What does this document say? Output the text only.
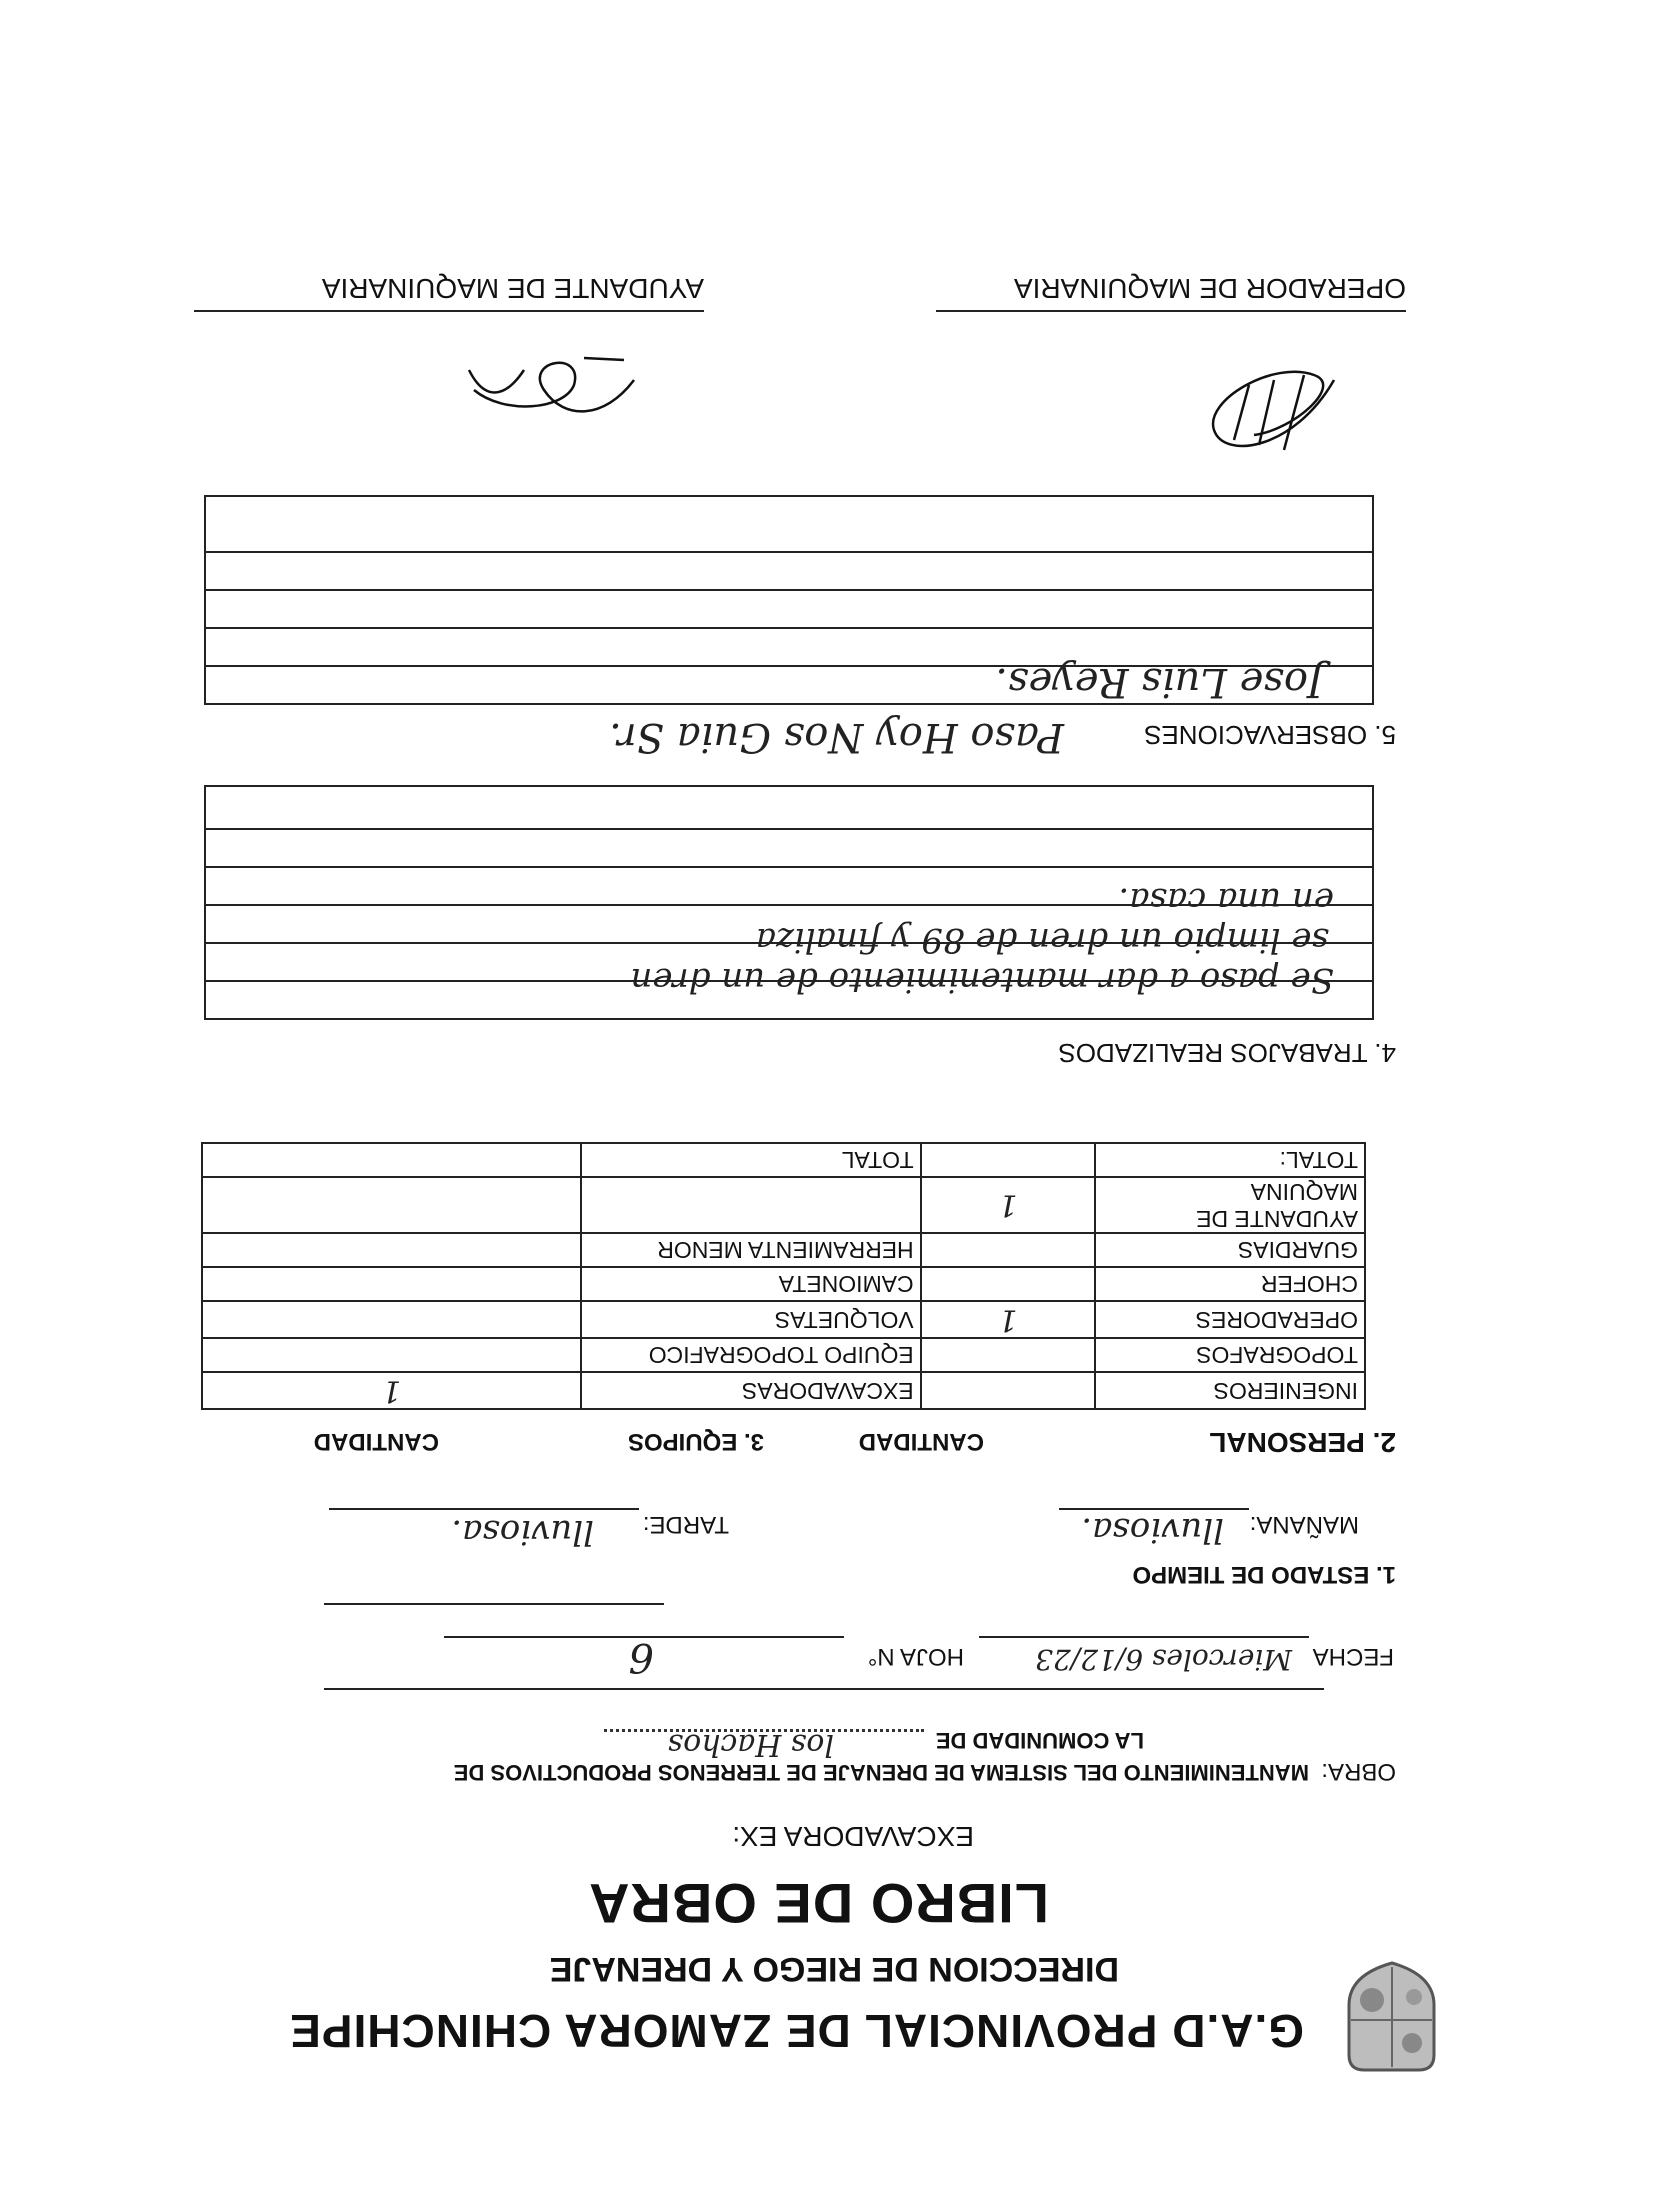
G.A.D PROVINCIAL DE ZAMORA CHINCHIPE
DIRECCION DE RIEGO Y DRENAJE
LIBRO DE OBRA
EXCAVADORA EX:
OBRA:
MANTENIMIENTO DEL SISTEMA DE DRENAJE DE TERRENOS PRODUCTIVOS DE
LA COMUNIDAD DE
los Hachos
FECHA
Miercoles 6/12/23
HOJA N°
6
1. ESTADO DE TIEMPO
MAÑANA:
lluviosa.
TARDE:
lluviosa.
2. PERSONAL
CANTIDAD
3. EQUIPOS
CANTIDAD
INGENIEROS		EXCAVADORAS	1
TOPOGRAFOS		EQUIPO TOPOGRAFICO	
OPERADORES	1	VOLQUETAS	
CHOFER		CAMIONETA	
GUARDIAS		HERRAMIENTA MENOR	
AYUDANTE DE MAQUINA	1		
TOTAL:		TOTAL	
4. TRABAJOS REALIZADOS
Se paso a dar mantenimiento de un dren
se limpio un dren de 89 y finaliza
en una casa.
5. OBSERVACIONES
Paso Hoy Nos Guia Sr.
Jose Luis Reyes.
OPERADOR DE MAQUINARIA
AYUDANTE DE MAQUINARIA
